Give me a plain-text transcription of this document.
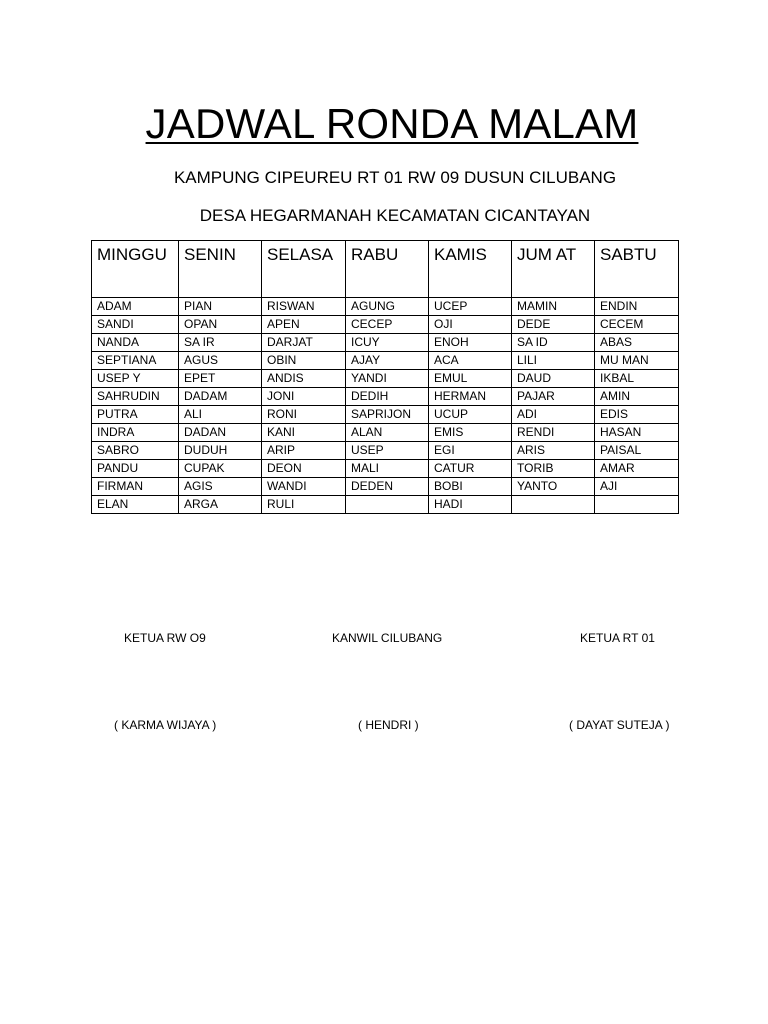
JADWAL RONDA MALAM
KAMPUNG CIPEUREU RT 01 RW 09 DUSUN CILUBANG
DESA HEGARMANAH KECAMATAN CICANTAYAN
MINGGU	SENIN	SELASA	RABU	KAMIS	JUM AT	SABTU
ADAM	PIAN	RISWAN	AGUNG	UCEP	MAMIN	ENDIN
SANDI	OPAN	APEN	CECEP	OJI	DEDE	CECEM
NANDA	SA IR	DARJAT	ICUY	ENOH	SA ID	ABAS
SEPTIANA	AGUS	OBIN	AJAY	ACA	LILI	MU MAN
USEP Y	EPET	ANDIS	YANDI	EMUL	DAUD	IKBAL
SAHRUDIN	DADAM	JONI	DEDIH	HERMAN	PAJAR	AMIN
PUTRA	ALI	RONI	SAPRIJON	UCUP	ADI	EDIS
INDRA	DADAN	KANI	ALAN	EMIS	RENDI	HASAN
SABRO	DUDUH	ARIP	USEP	EGI	ARIS	PAISAL
PANDU	CUPAK	DEON	MALI	CATUR	TORIB	AMAR
FIRMAN	AGIS	WANDI	DEDEN	BOBI	YANTO	AJI
ELAN	ARGA	RULI		HADI		
KETUA RW O9	KANWIL CILUBANG	KETUA RT 01
( KARMA WIJAYA )	( HENDRI )	( DAYAT SUTEJA )
